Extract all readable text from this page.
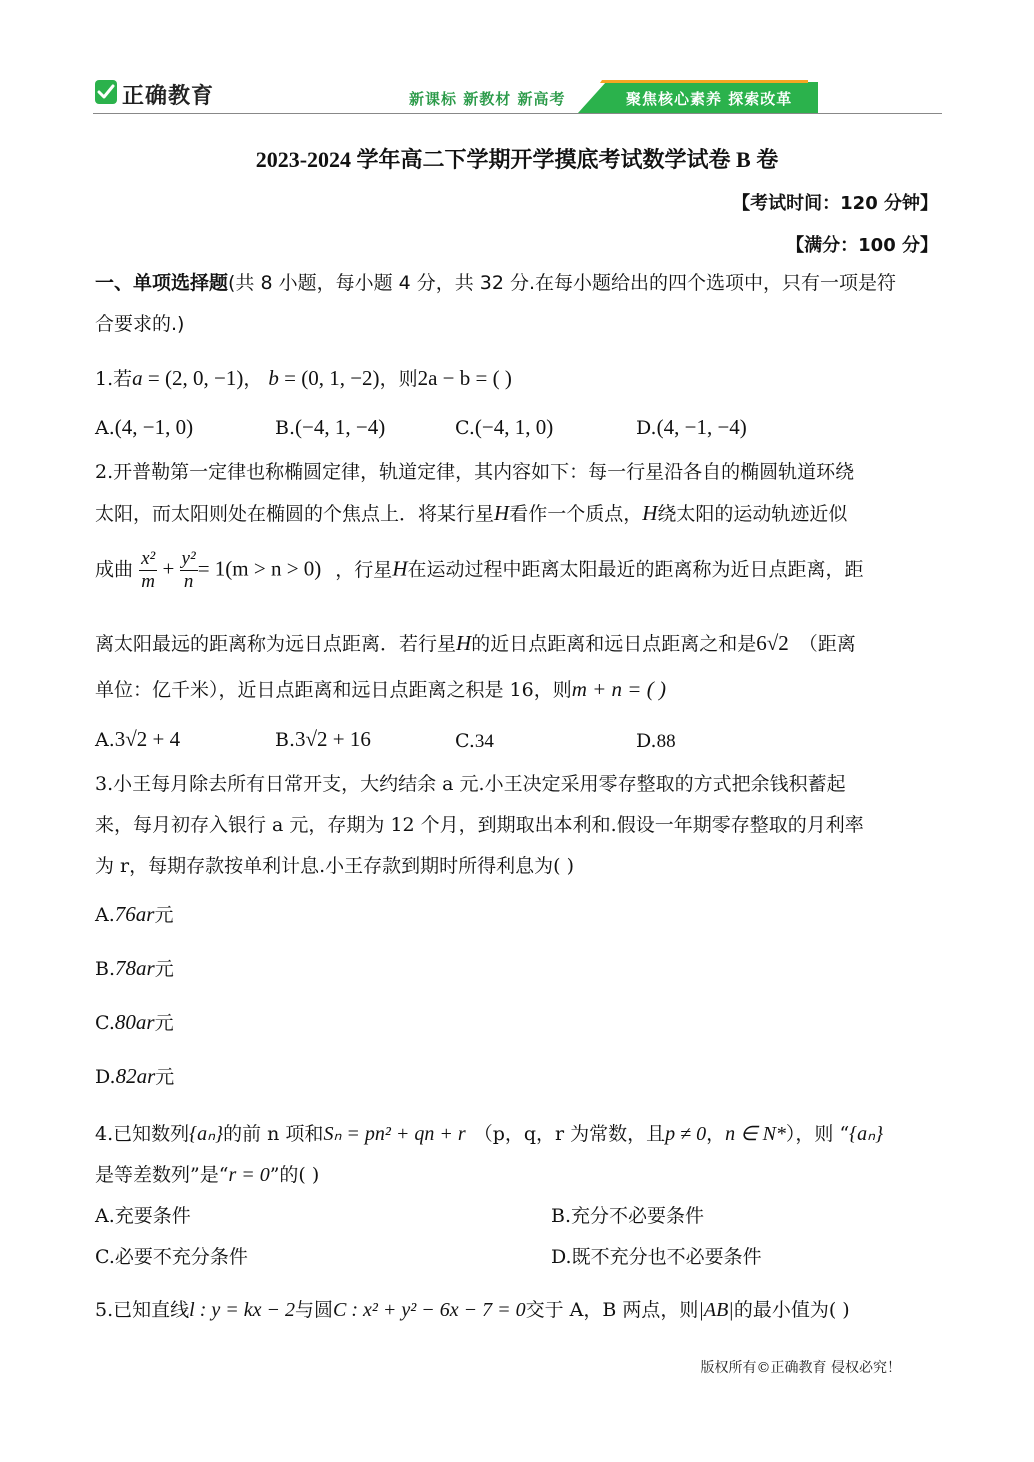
正确教育	新课标 新教材 新高考	聚焦核心素养 探索改革
2023-2024 学年高二下学期开学摸底考试数学试卷 B 卷
【考试时间：120 分钟】
【满分：100 分】
一、单项选择题(共 8 小题，每小题 4 分，共 32 分.在每小题给出的四个选项中，只有一项是符
合要求的.)
1.若a = (2, 0, −1)， b = (0, 1, −2)，则2a − b = ( )
A.(4, −1, 0)	B.(−4, 1, −4)	C.(−4, 1, 0)	D.(4, −1, −4)
2.开普勒第一定律也称椭圆定律，轨道定律，其内容如下：每一行星沿各自的椭圆轨道环绕
太阳，而太阳则处在椭圆的个焦点上．将某行星H看作一个质点，H绕太阳的运动轨迹近似
成曲 $\frac{\text{x²}}{m} + \frac{\text{y²}}{n} = 1(m > n > 0)$ ，行星H在运动过程中距离太阳最近的距离称为近日点距离，距
离太阳最远的距离称为远日点距离．若行星H的近日点距离和远日点距离之和是6√2 （距离
单位：亿千米），近日点距离和远日点距离之积是 16，则m + n = ( )
A.3√2 + 4	B.3√2 + 16	C.34	D.88
3.小王每月除去所有日常开支，大约结余 a 元.小王决定采用零存整取的方式把余钱积蓄起
来，每月初存入银行 a 元，存期为 12 个月，到期取出本利和.假设一年期零存整取的月利率
为 r，每期存款按单利计息.小王存款到期时所得利息为( )
A.76ar元
B.78ar元
C.80ar元
D.82ar元
4.已知数列{aₙ}的前 n 项和Sₙ = pn² + qn + r （p，q，r 为常数，且p ≠ 0，n ∈ N*），则 “{aₙ}
是等差数列”是“r = 0”的( )
A.充要条件	B.充分不必要条件
C.必要不充分条件	D.既不充分也不必要条件
5.已知直线l : y = kx − 2与圆C : x² + y² − 6x − 7 = 0交于 A，B 两点，则|AB|的最小值为( )
版权所有©正确教育 侵权必究！
